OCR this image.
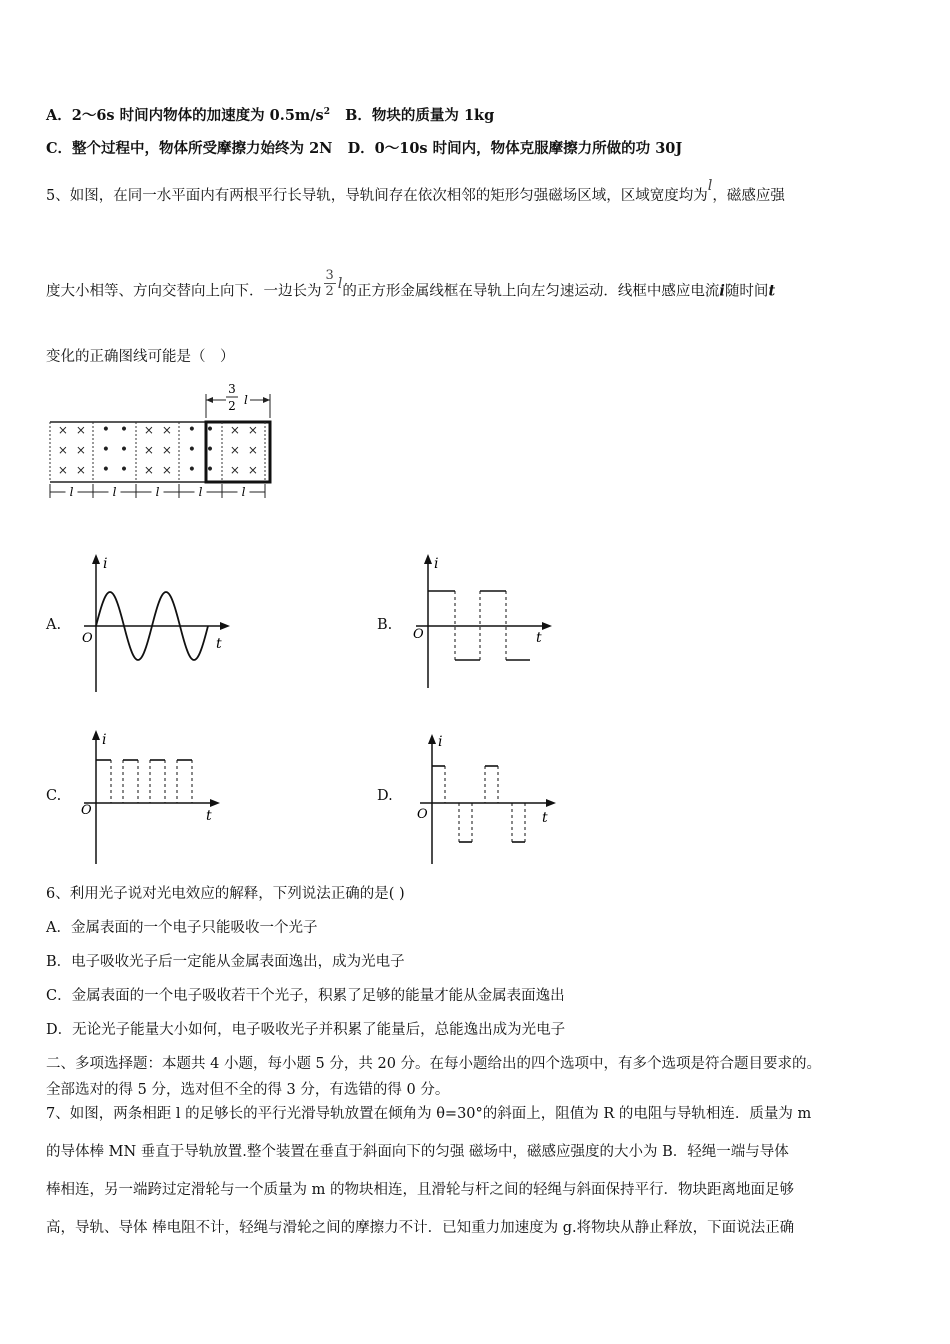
A．2～6s 时间内物体的加速度为 $0.5m/s^2$ B．物块的质量为 1kg
C．整个过程中，物体所受摩擦力始终为 2N D．0～10s 时间内，物体克服摩擦力所做的功 30J
5、如图，在同一水平面内有两根平行长导轨，导轨间存在依次相邻的矩形匀强磁场区域，区域宽度均为l，磁感应强
度大小相等、方向交替向上向下．一边长为 $\frac{3}{2}$ l的正方形金属线框在导轨上向左匀速运动．线框中感应电流i随时间t
变化的正确图线可能是（　）
3
2 l
×
×
×
×
×
×
•
•
•
•
•
•
×
×
×
×
×
×
•
•
•
•
•
•
×
×
×
×
×
×
l	l	l	l	l
A.
i
t
O
B.
i
t
O
C.
i
t
O
D.
i
t
O
6、利用光子说对光电效应的解释，下列说法正确的是( )
A．金属表面的一个电子只能吸收一个光子
B．电子吸收光子后一定能从金属表面逸出，成为光电子
C．金属表面的一个电子吸收若干个光子，积累了足够的能量才能从金属表面逸出
D．无论光子能量大小如何，电子吸收光子并积累了能量后，总能逸出成为光电子
二、多项选择题：本题共 4 小题，每小题 5 分，共 20 分。在每小题给出的四个选项中，有多个选项是符合题目要求的。
全部选对的得 5 分，选对但不全的得 3 分，有选错的得 0 分。
7、如图，两条相距 l 的足够长的平行光滑导轨放置在倾角为 θ=30°的斜面上，阻值为 R 的电阻与导轨相连．质量为 m
的导体棒 MN 垂直于导轨放置.整个装置在垂直于斜面向下的匀强 磁场中，磁感应强度的大小为 B．轻绳一端与导体
棒相连，另一端跨过定滑轮与一个质量为 m 的物块相连，且滑轮与杆之间的轻绳与斜面保持平行．物块距离地面足够
高，导轨、导体 棒电阻不计，轻绳与滑轮之间的摩擦力不计．已知重力加速度为 g.将物块从静止释放，下面说法正确
